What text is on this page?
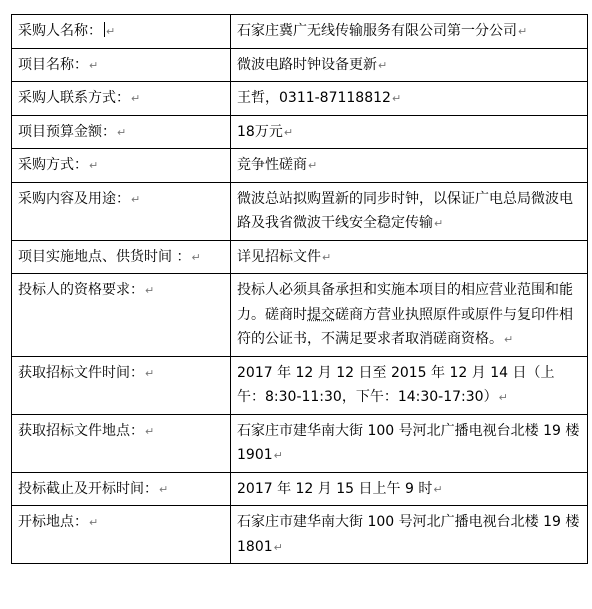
采购人名称： ↵	石家庄冀广无线传输服务有限公司第一分公司↵
项目名称：↵	微波电路时钟设备更新↵
采购人联系方式：↵	王哲，0311-87118812↵
项目预算金额：↵	18万元↵
采购方式：↵	竞争性磋商↵
采购内容及用途：↵	微波总站拟购置新的同步时钟，以保证广电总局微波电路及我省微波干线安全稳定传输↵
项目实施地点、供货时间 ：↵	详见招标文件↵
投标人的资格要求：↵	投标人必须具备承担和实施本项目的相应营业范围和能力。磋商时提交磋商方营业执照原件或原件与复印件相符的公证书，不满足要求者取消磋商资格。↵
获取招标文件时间：↵	2017 年 12 月 12 日至 2015 年 12 月 14 日（上午：8:30-11:30，下午：14:30-17:30）↵
获取招标文件地点：↵	石家庄市建华南大街 100 号河北广播电视台北楼 19 楼 1901↵
投标截止及开标时间：↵	2017 年 12 月 15 日上午 9 时↵
开标地点：↵	石家庄市建华南大街 100 号河北广播电视台北楼 19 楼 1801↵
